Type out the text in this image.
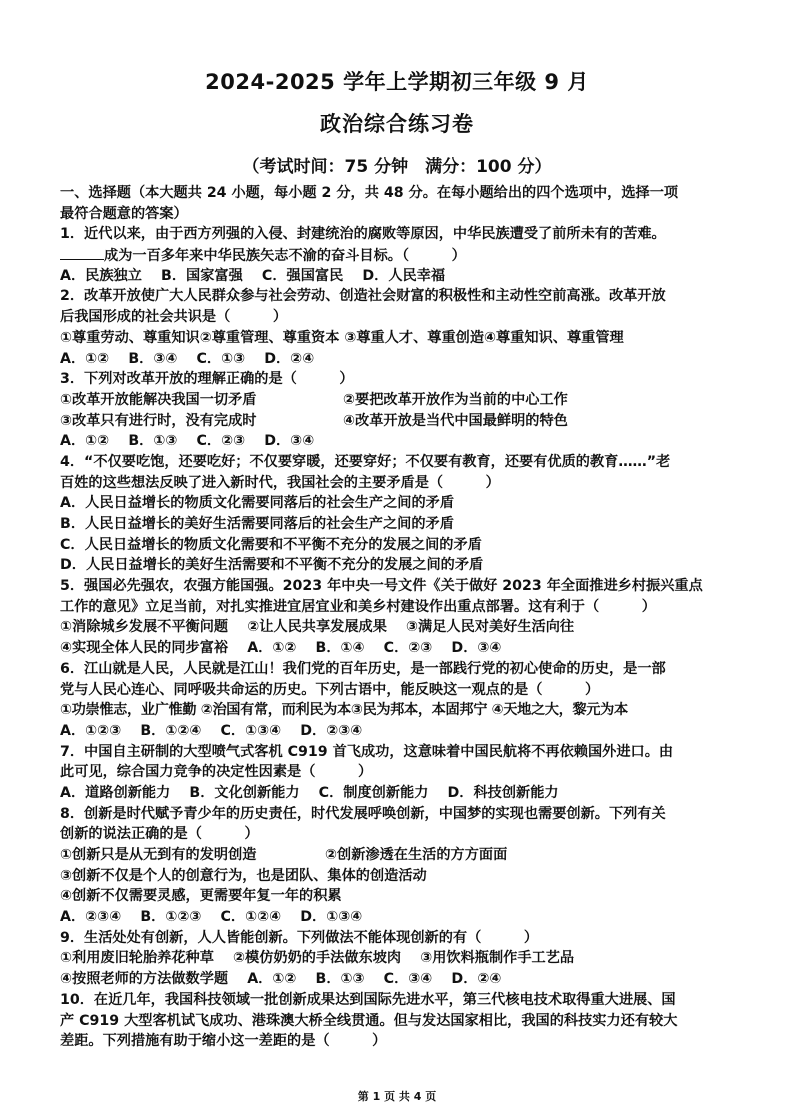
2024-2025 学年上学期初三年级 9 月
政治综合练习卷
（考试时间：75 分钟　满分：100 分）
一、选择题（本大题共 24 小题，每小题 2 分，共 48 分。在每小题给出的四个选项中，选择一项
最符合题意的答案）
1．近代以来，由于西方列强的入侵、封建统治的腐败等原因，中华民族遭受了前所未有的苦难。
成为一百多年来中华民族矢志不渝的奋斗目标。（　　　）
A．民族独立　 B．国家富强　 C．强国富民　 D．人民幸福
2．改革开放使广大人民群众参与社会劳动、创造社会财富的积极性和主动性空前高涨。改革开放
后我国形成的社会共识是（　　　）
①尊重劳动、尊重知识②尊重管理、尊重资本 ③尊重人才、尊重创造④尊重知识、尊重管理
A．①②　 B．③④　 C．①③　 D．②④
3．下列对改革开放的理解正确的是（　　　）
①改革开放能解决我国一切矛盾	②要把改革开放作为当前的中心工作
③改革只有进行时，没有完成时	④改革开放是当代中国最鲜明的特色
A．①②　 B．①③　 C．②③　 D．③④
4．“不仅要吃饱，还要吃好；不仅要穿暖，还要穿好；不仅要有教育，还要有优质的教育……”老
百姓的这些想法反映了进入新时代，我国社会的主要矛盾是（　　　）
A．人民日益增长的物质文化需要同落后的社会生产之间的矛盾
B．人民日益增长的美好生活需要同落后的社会生产之间的矛盾
C．人民日益增长的物质文化需要和不平衡不充分的发展之间的矛盾
D．人民日益增长的美好生活需要和不平衡不充分的发展之间的矛盾
5．强国必先强农，农强方能国强。2023 年中央一号文件《关于做好 2023 年全面推进乡村振兴重点
工作的意见》立足当前，对扎实推进宜居宜业和美乡村建设作出重点部署。这有利于（　　　）
①消除城乡发展不平衡问题　 ②让人民共享发展成果　 ③满足人民对美好生活向往
④实现全体人民的同步富裕　 A．①②　 B．①④　 C．②③　 D．③④
6．江山就是人民，人民就是江山！我们党的百年历史，是一部践行党的初心使命的历史，是一部
党与人民心连心、同呼吸共命运的历史。下列古语中，能反映这一观点的是（　　　）
①功崇惟志，业广惟勤 ②治国有常，而利民为本③民为邦本，本固邦宁 ④天地之大，黎元为本
A．①②③　 B．①②④　 C．①③④　 D．②③④
7．中国自主研制的大型喷气式客机 C919 首飞成功，这意味着中国民航将不再依赖国外进口。由
此可见，综合国力竞争的决定性因素是（　　　）
A．道路创新能力　 B．文化创新能力　 C．制度创新能力　 D．科技创新能力
8．创新是时代赋予青少年的历史责任，时代发展呼唤创新，中国梦的实现也需要创新。下列有关
创新的说法正确的是（　　　）
①创新只是从无到有的发明创造	②创新渗透在生活的方方面面
③创新不仅是个人的创意行为，也是团队、集体的创造活动
④创新不仅需要灵感，更需要年复一年的积累
A．②③④　 B．①②③　 C．①②④　 D．①③④
9．生活处处有创新，人人皆能创新。下列做法不能体现创新的有（　　　）
①利用废旧轮胎养花种草　 ②模仿奶奶的手法做东坡肉　 ③用饮料瓶制作手工艺品
④按照老师的方法做数学题　 A．①②　 B．①③　 C．③④　 D．②④
10．在近几年，我国科技领域一批创新成果达到国际先进水平，第三代核电技术取得重大进展、国
产 C919 大型客机试飞成功、港珠澳大桥全线贯通。但与发达国家相比，我国的科技实力还有较大
差距。下列措施有助于缩小这一差距的是（　　　）
第 1 页 共 4 页
